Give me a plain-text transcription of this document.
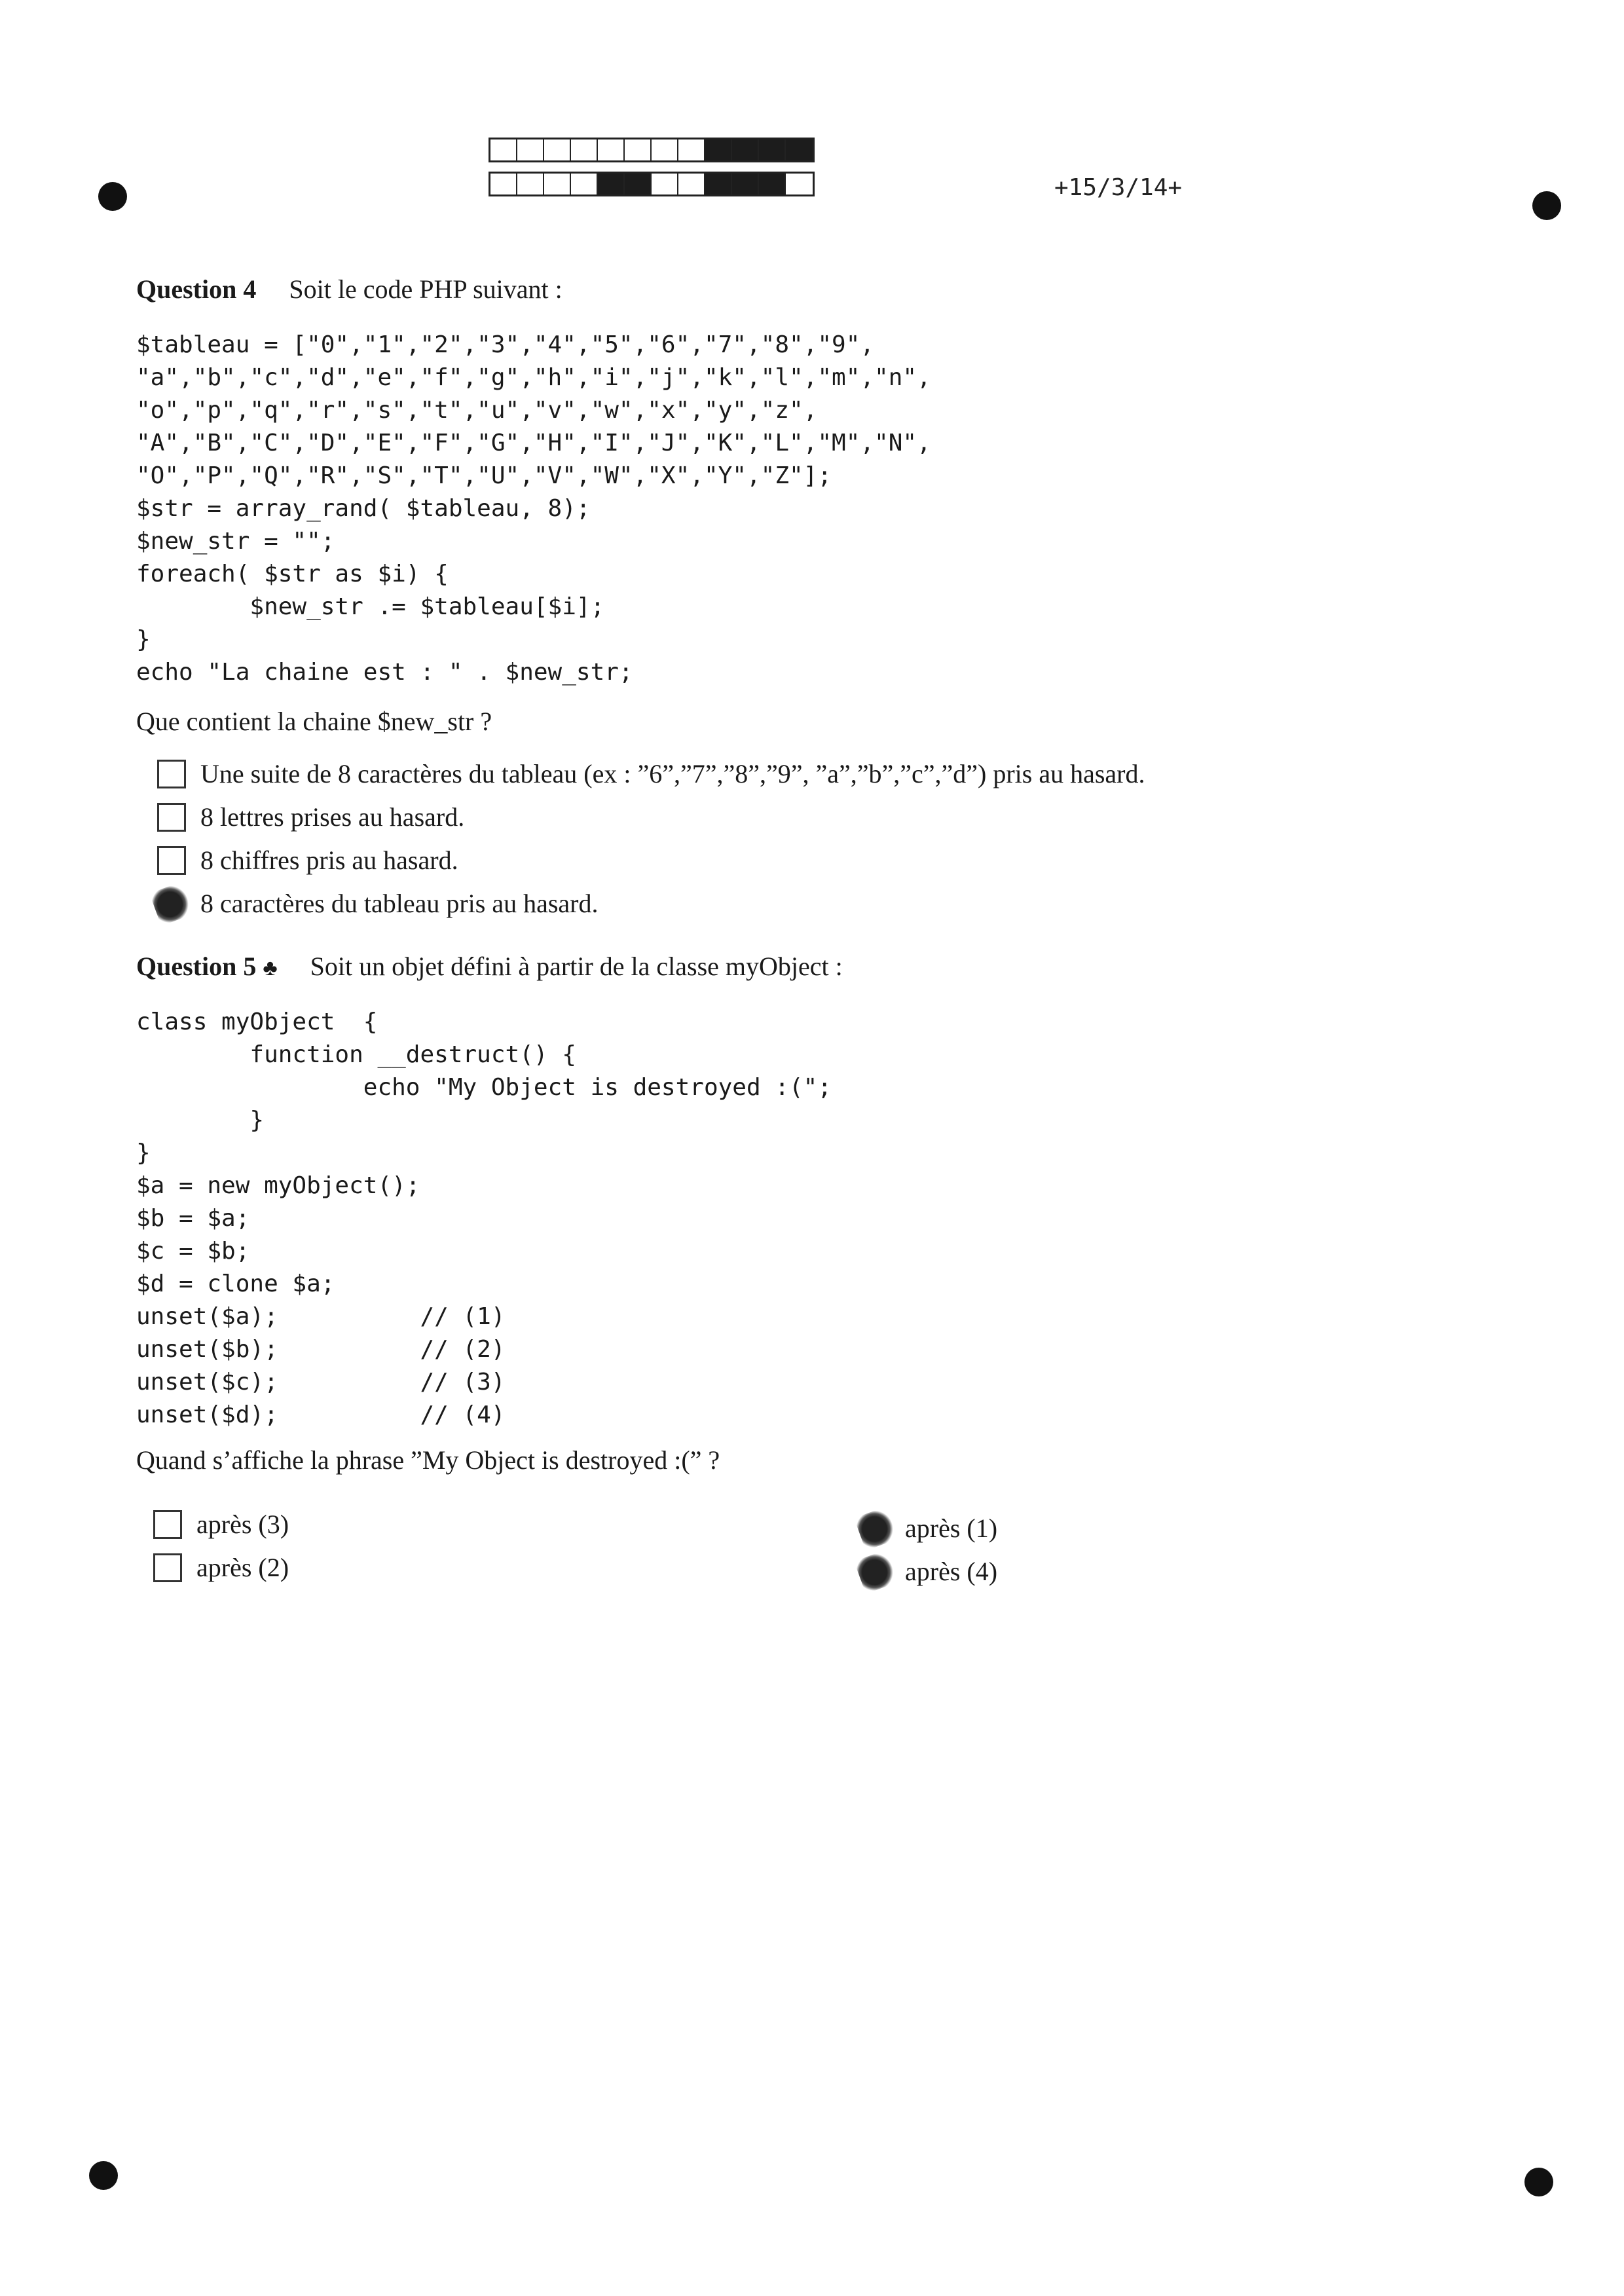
+15/3/14+
Question 4 Soit le code PHP suivant :
$tableau = ["0","1","2","3","4","5","6","7","8","9",
"a","b","c","d","e","f","g","h","i","j","k","l","m","n",
"o","p","q","r","s","t","u","v","w","x","y","z",
"A","B","C","D","E","F","G","H","I","J","K","L","M","N",
"O","P","Q","R","S","T","U","V","W","X","Y","Z"];
$str = array_rand( $tableau, 8);
$new_str = "";
foreach( $str as $i) {
$new_str .= $tableau[$i];
}
echo "La chaine est : " . $new_str;
Que contient la chaine $new_str ?
Une suite de 8 caractères du tableau (ex : ”6”,”7”,”8”,”9”, ”a”,”b”,”c”,”d”) pris au hasard.
8 lettres prises au hasard.
8 chiffres pris au hasard.
8 caractères du tableau pris au hasard.
Question 5 ♣ Soit un objet défini à partir de la classe myObject :
class myObject  {
function __destruct() {
echo "My Object is destroyed :(";
}
}
$a = new myObject();
$b = $a;
$c = $b;
$d = clone $a;
unset($a);          // (1)
unset($b);          // (2)
unset($c);          // (3)
unset($d);          // (4)
Quand s’affiche la phrase ”My Object is destroyed :(” ?
après (3)
après (2)
après (1)
après (4)
